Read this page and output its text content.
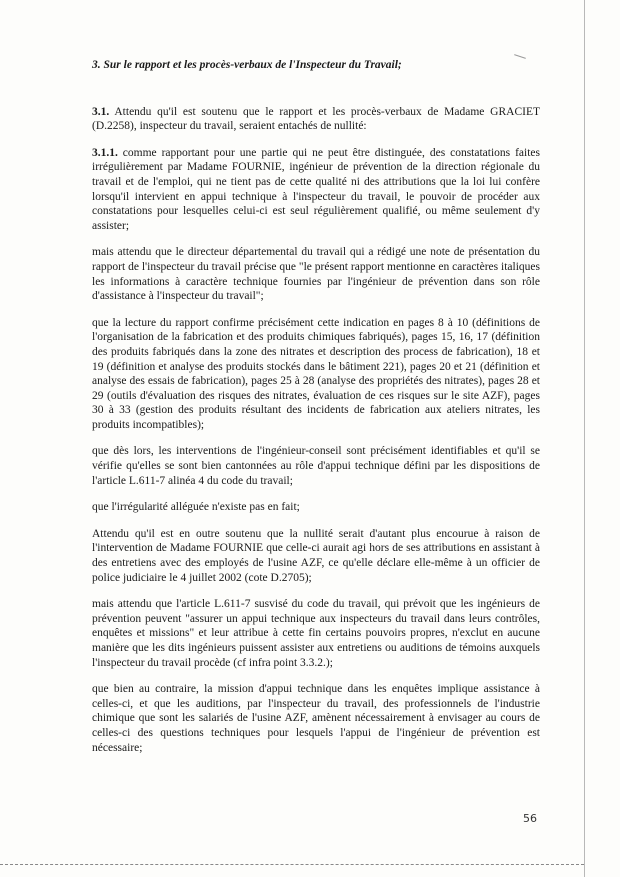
3. Sur le rapport et les procès-verbaux de l'Inspecteur du Travail;

3.1. Attendu qu'il est soutenu que le rapport et les procès-verbaux de Madame GRACIET (D.2258), inspecteur du travail, seraient entachés de nullité:

3.1.1. comme rapportant pour une partie qui ne peut être distinguée, des constatations faites irrégulièrement par Madame FOURNIE, ingénieur de prévention de la direction régionale du travail et de l'emploi, qui ne tient pas de cette qualité ni des attributions que la loi lui confère lorsqu'il intervient en appui technique à l'inspecteur du travail, le pouvoir de procéder aux constatations pour lesquelles celui-ci est seul régulièrement qualifié, ou même seulement d'y assister;

mais attendu que le directeur départemental du travail qui a rédigé une note de présentation du rapport de l'inspecteur du travail précise que "le présent rapport mentionne en caractères italiques les informations à caractère technique fournies par l'ingénieur de prévention dans son rôle d'assistance à l'inspecteur du travail";

que la lecture du rapport confirme précisément cette indication en pages 8 à 10 (définitions de l'organisation de la fabrication et des produits chimiques fabriqués), pages 15, 16, 17 (définition des produits fabriqués dans la zone des nitrates et description des process de fabrication), 18 et 19 (définition et analyse des produits stockés dans le bâtiment 221), pages 20 et 21 (définition et analyse des essais de fabrication), pages 25 à 28 (analyse des propriétés des nitrates), pages 28 et 29 (outils d'évaluation des risques des nitrates, évaluation de ces risques sur le site AZF), pages 30 à 33 (gestion des produits résultant des incidents de fabrication aux ateliers nitrates, les produits incompatibles);

que dès lors, les interventions de l'ingénieur-conseil sont précisément identifiables et qu'il se vérifie qu'elles se sont bien cantonnées au rôle d'appui technique défini par les dispositions de l'article L.611-7 alinéa 4 du code du travail;

que l'irrégularité alléguée n'existe pas en fait;

Attendu qu'il est en outre soutenu que la nullité serait d'autant plus encourue à raison de l'intervention de Madame FOURNIE que celle-ci aurait agi hors de ses attributions en assistant à des entretiens avec des employés de l'usine AZF, ce qu'elle déclare elle-même à un officier de police judiciaire le 4 juillet 2002 (cote D.2705);

mais attendu que l'article L.611-7 susvisé du code du travail, qui prévoit que les ingénieurs de prévention peuvent "assurer un appui technique aux inspecteurs du travail dans leurs contrôles, enquêtes et missions" et leur attribue à cette fin certains pouvoirs propres, n'exclut en aucune manière que les dits ingénieurs puissent assister aux entretiens ou auditions de témoins auxquels l'inspecteur du travail procède (cf infra point 3.3.2.);

que bien au contraire, la mission d'appui technique dans les enquêtes implique assistance à celles-ci, et que les auditions, par l'inspecteur du travail, des professionnels de l'industrie chimique que sont les salariés de l'usine AZF, amènent nécessairement à envisager au cours de celles-ci des questions techniques pour lesquels l'appui de l'ingénieur de prévention est nécessaire;

56
